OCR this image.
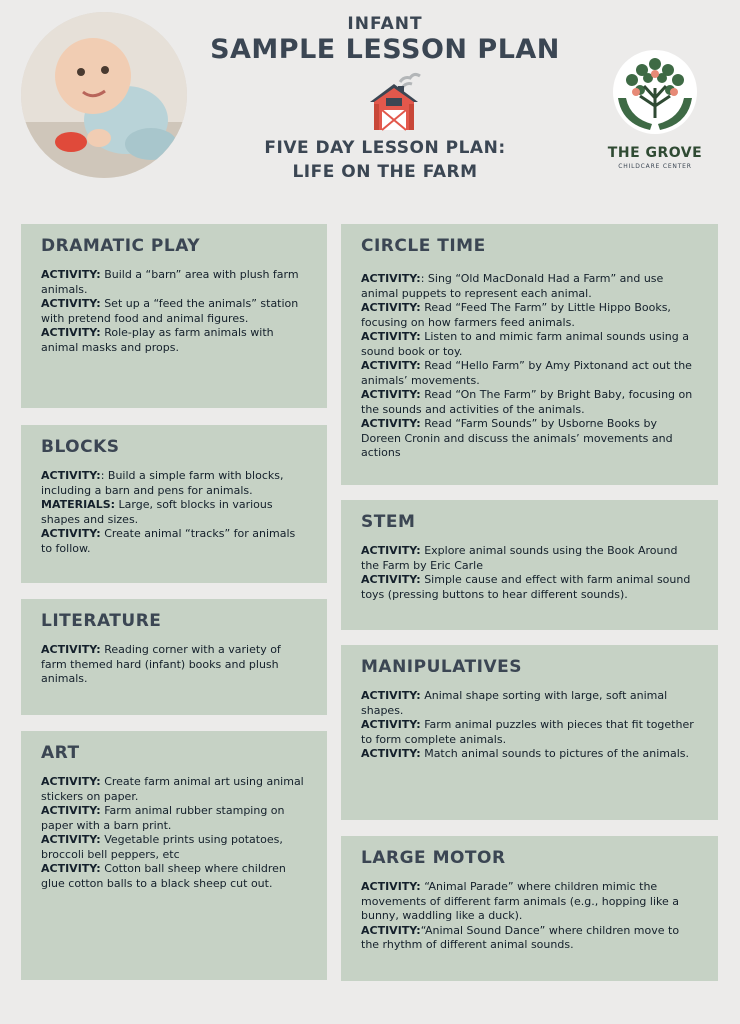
INFANT
SAMPLE LESSON PLAN
FIVE DAY LESSON PLAN:
LIFE ON THE FARM
THE GROVE
CHILDCARE CENTER
DRAMATIC PLAY

ACTIVITY: Build a “barn” area with plush farm animals.
ACTIVITY: Set up a “feed the animals” station with pretend food and animal figures.
ACTIVITY: Role-play as farm animals with animal masks and props.

BLOCKS

ACTIVITY:: Build a simple farm with blocks, including a barn and pens for animals.
MATERIALS: Large, soft blocks in various shapes and sizes.
ACTIVITY: Create animal “tracks” for animals to follow.

LITERATURE

ACTIVITY: Reading corner with a variety of farm themed hard (infant) books and plush animals.

ART

ACTIVITY: Create farm animal art using animal stickers on paper.
ACTIVITY: Farm animal rubber stamping on paper with a barn print.
ACTIVITY: Vegetable prints using potatoes, broccoli bell peppers, etc
ACTIVITY: Cotton ball sheep where children glue cotton balls to a black sheep cut out.

CIRCLE TIME

ACTIVITY:: Sing “Old MacDonald Had a Farm” and use animal puppets to represent each animal.
ACTIVITY: Read “Feed The Farm” by Little Hippo Books, focusing on how farmers feed animals.
ACTIVITY: Listen to and mimic farm animal sounds using a sound book or toy.
ACTIVITY: Read “Hello Farm” by Amy Pixtonand act out the animals’ movements.
ACTIVITY: Read “On The Farm” by Bright Baby, focusing on the sounds and activities of the animals.
ACTIVITY: Read “Farm Sounds” by Usborne Books by Doreen Cronin and discuss the animals’ movements and actions

STEM

ACTIVITY: Explore animal sounds using the Book Around the Farm by Eric Carle
ACTIVITY: Simple cause and effect with farm animal sound toys (pressing buttons to hear different sounds).

MANIPULATIVES

ACTIVITY: Animal shape sorting with large, soft animal shapes.
ACTIVITY: Farm animal puzzles with pieces that fit together to form complete animals.
ACTIVITY: Match animal sounds to pictures of the animals.

LARGE MOTOR

ACTIVITY: “Animal Parade” where children mimic the movements of different farm animals (e.g., hopping like a bunny, waddling like a duck).
ACTIVITY:“Animal Sound Dance” where children move to the rhythm of different animal sounds.
